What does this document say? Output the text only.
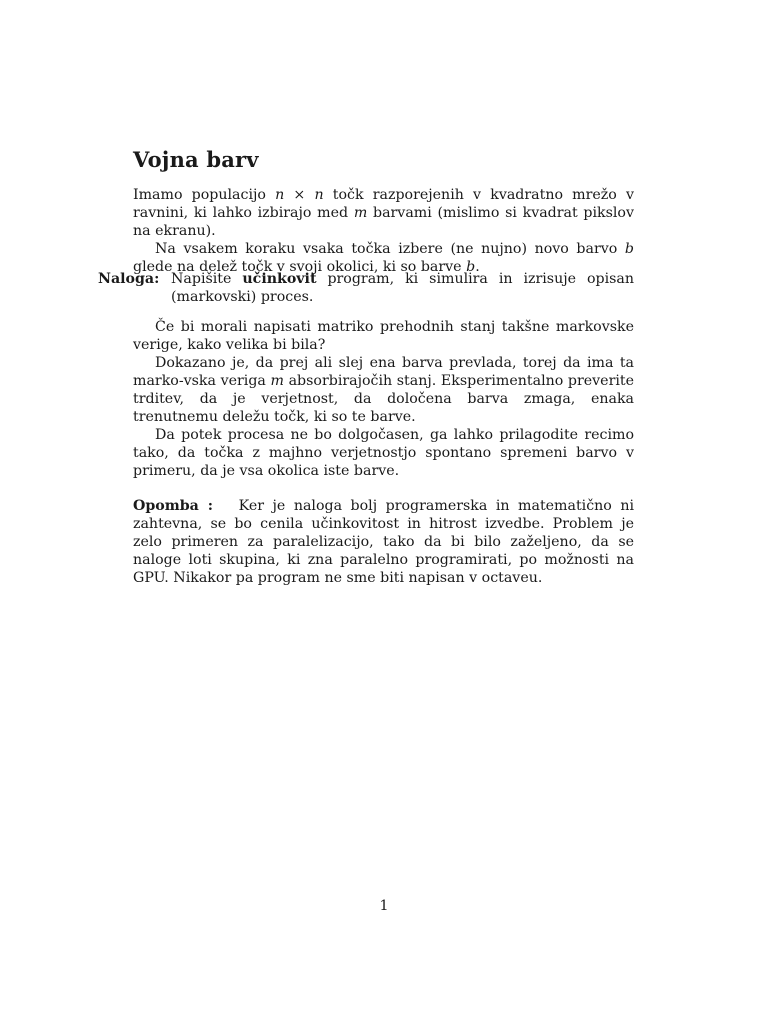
Vojna barv

Imamo populacijo n × n točk razporejenih v kvadratno mrežo v ravnini, ki lahko izbirajo med m barvami (mislimo si kvadrat pikslov na ekranu).

Na vsakem koraku vsaka točka izbere (ne nujno) novo barvo b glede na delež točk v svoji okolici, ki so barve b.

Naloga: Napišite učinkovit program, ki simulira in izrisuje opisan (markovski) proces.

Če bi morali napisati matriko prehodnih stanj takšne markovske verige, kako velika bi bila?

Dokazano je, da prej ali slej ena barva prevlada, torej da ima ta marko-vska veriga m absorbirajočih stanj. Eksperimentalno preverite trditev, da je verjetnost, da določena barva zmaga, enaka trenutnemu deležu točk, ki so te barve.

Da potek procesa ne bo dolgočasen, ga lahko prilagodite recimo tako, da točka z majhno verjetnostjo spontano spremeni barvo v primeru, da je vsa okolica iste barve.

Opomba : Ker je naloga bolj programerska in matematično ni zahtevna, se bo cenila učinkovitost in hitrost izvedbe. Problem je zelo primeren za paralelizacijo, tako da bi bilo zaželjeno, da se naloge loti skupina, ki zna paralelno programirati, po možnosti na GPU. Nikakor pa program ne sme biti napisan v octaveu.

1
